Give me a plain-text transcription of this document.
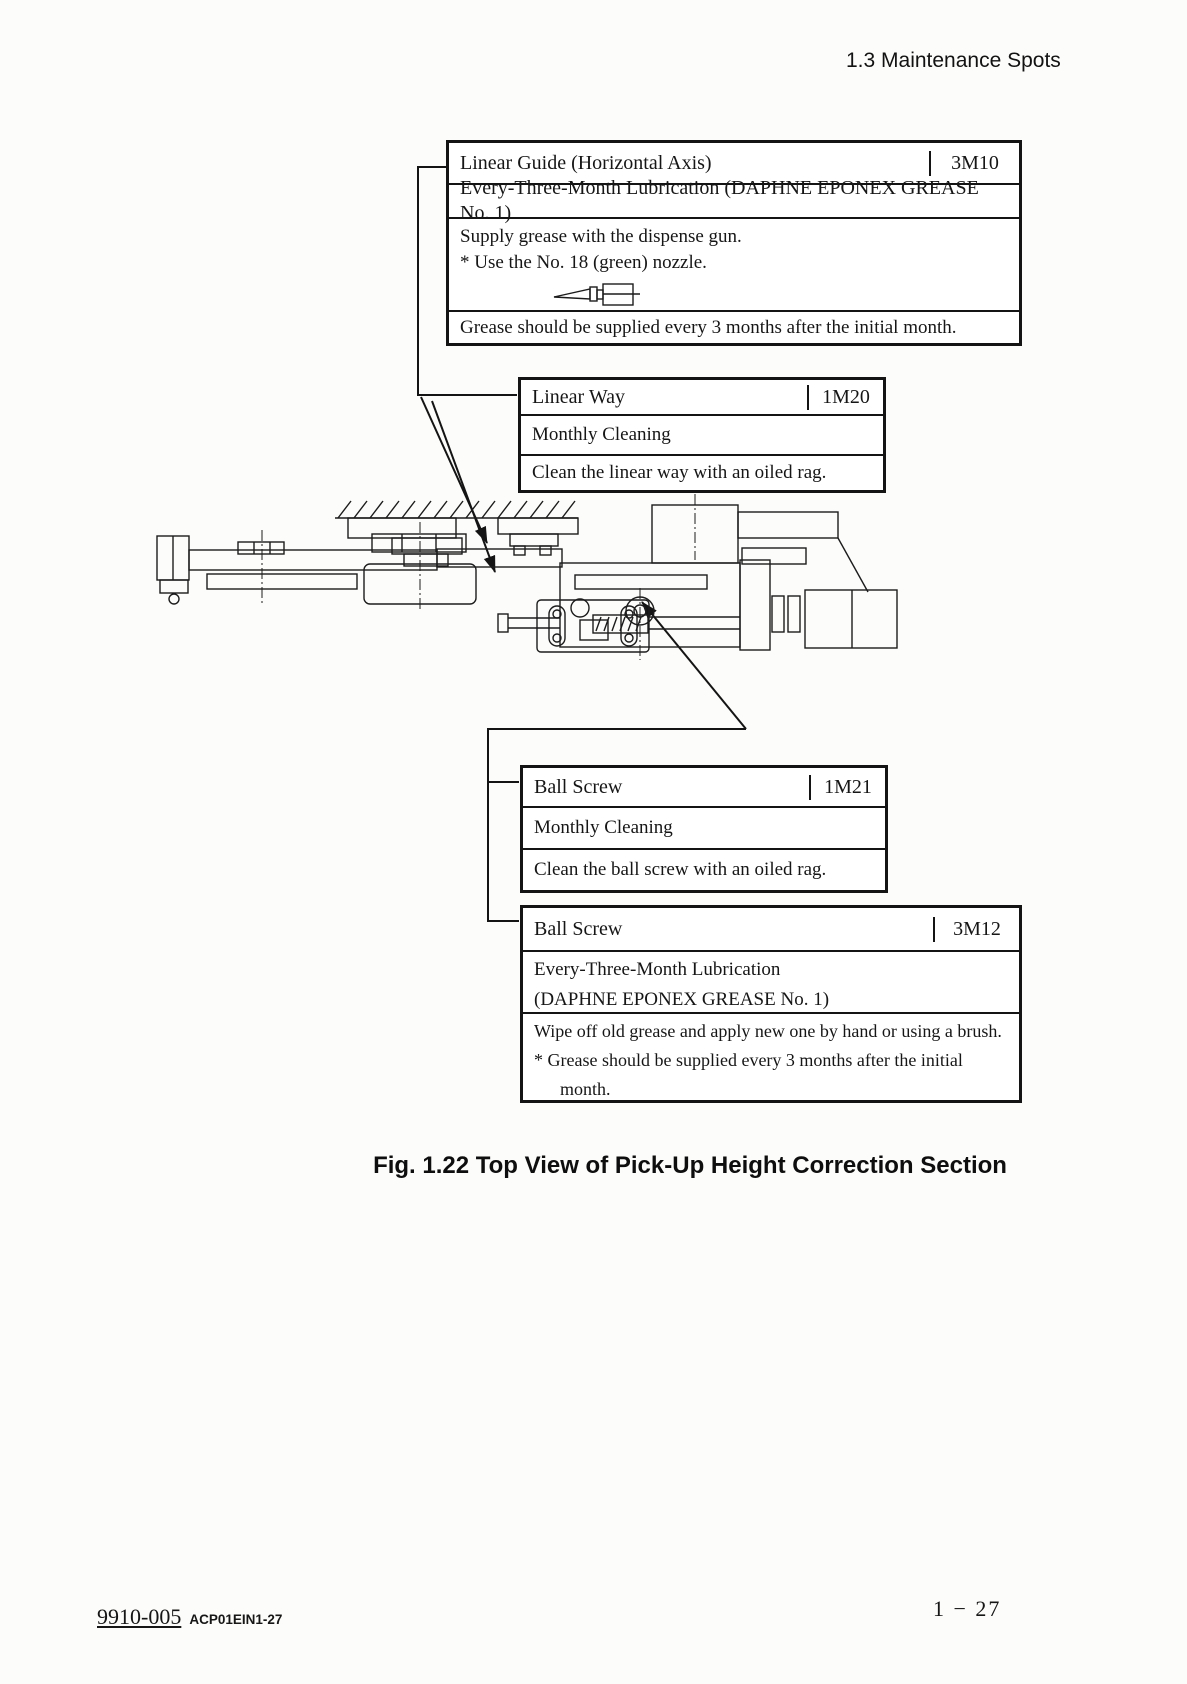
1.3 Maintenance Spots
Linear Guide (Horizontal Axis)	3M10
Every-Three-Month Lubrication (DAPHNE EPONEX GREASE No. 1)
Supply grease with the dispense gun.
* Use the No. 18 (green) nozzle.
Grease should be supplied every 3 months after the initial month.
Linear Way	1M20
Monthly Cleaning
Clean the linear way with an oiled rag.
Ball Screw	1M21
Monthly Cleaning
Clean the ball screw with an oiled rag.
Ball Screw	3M12
Every-Three-Month Lubrication
(DAPHNE EPONEX GREASE No. 1)
Wipe off old grease and apply new one by hand or using a brush.
* Grease should be supplied every 3 months after the initial
month.
Fig. 1.22 Top View of Pick-Up Height Correction Section
9910-005 ACP01EIN1-27	1 − 27
